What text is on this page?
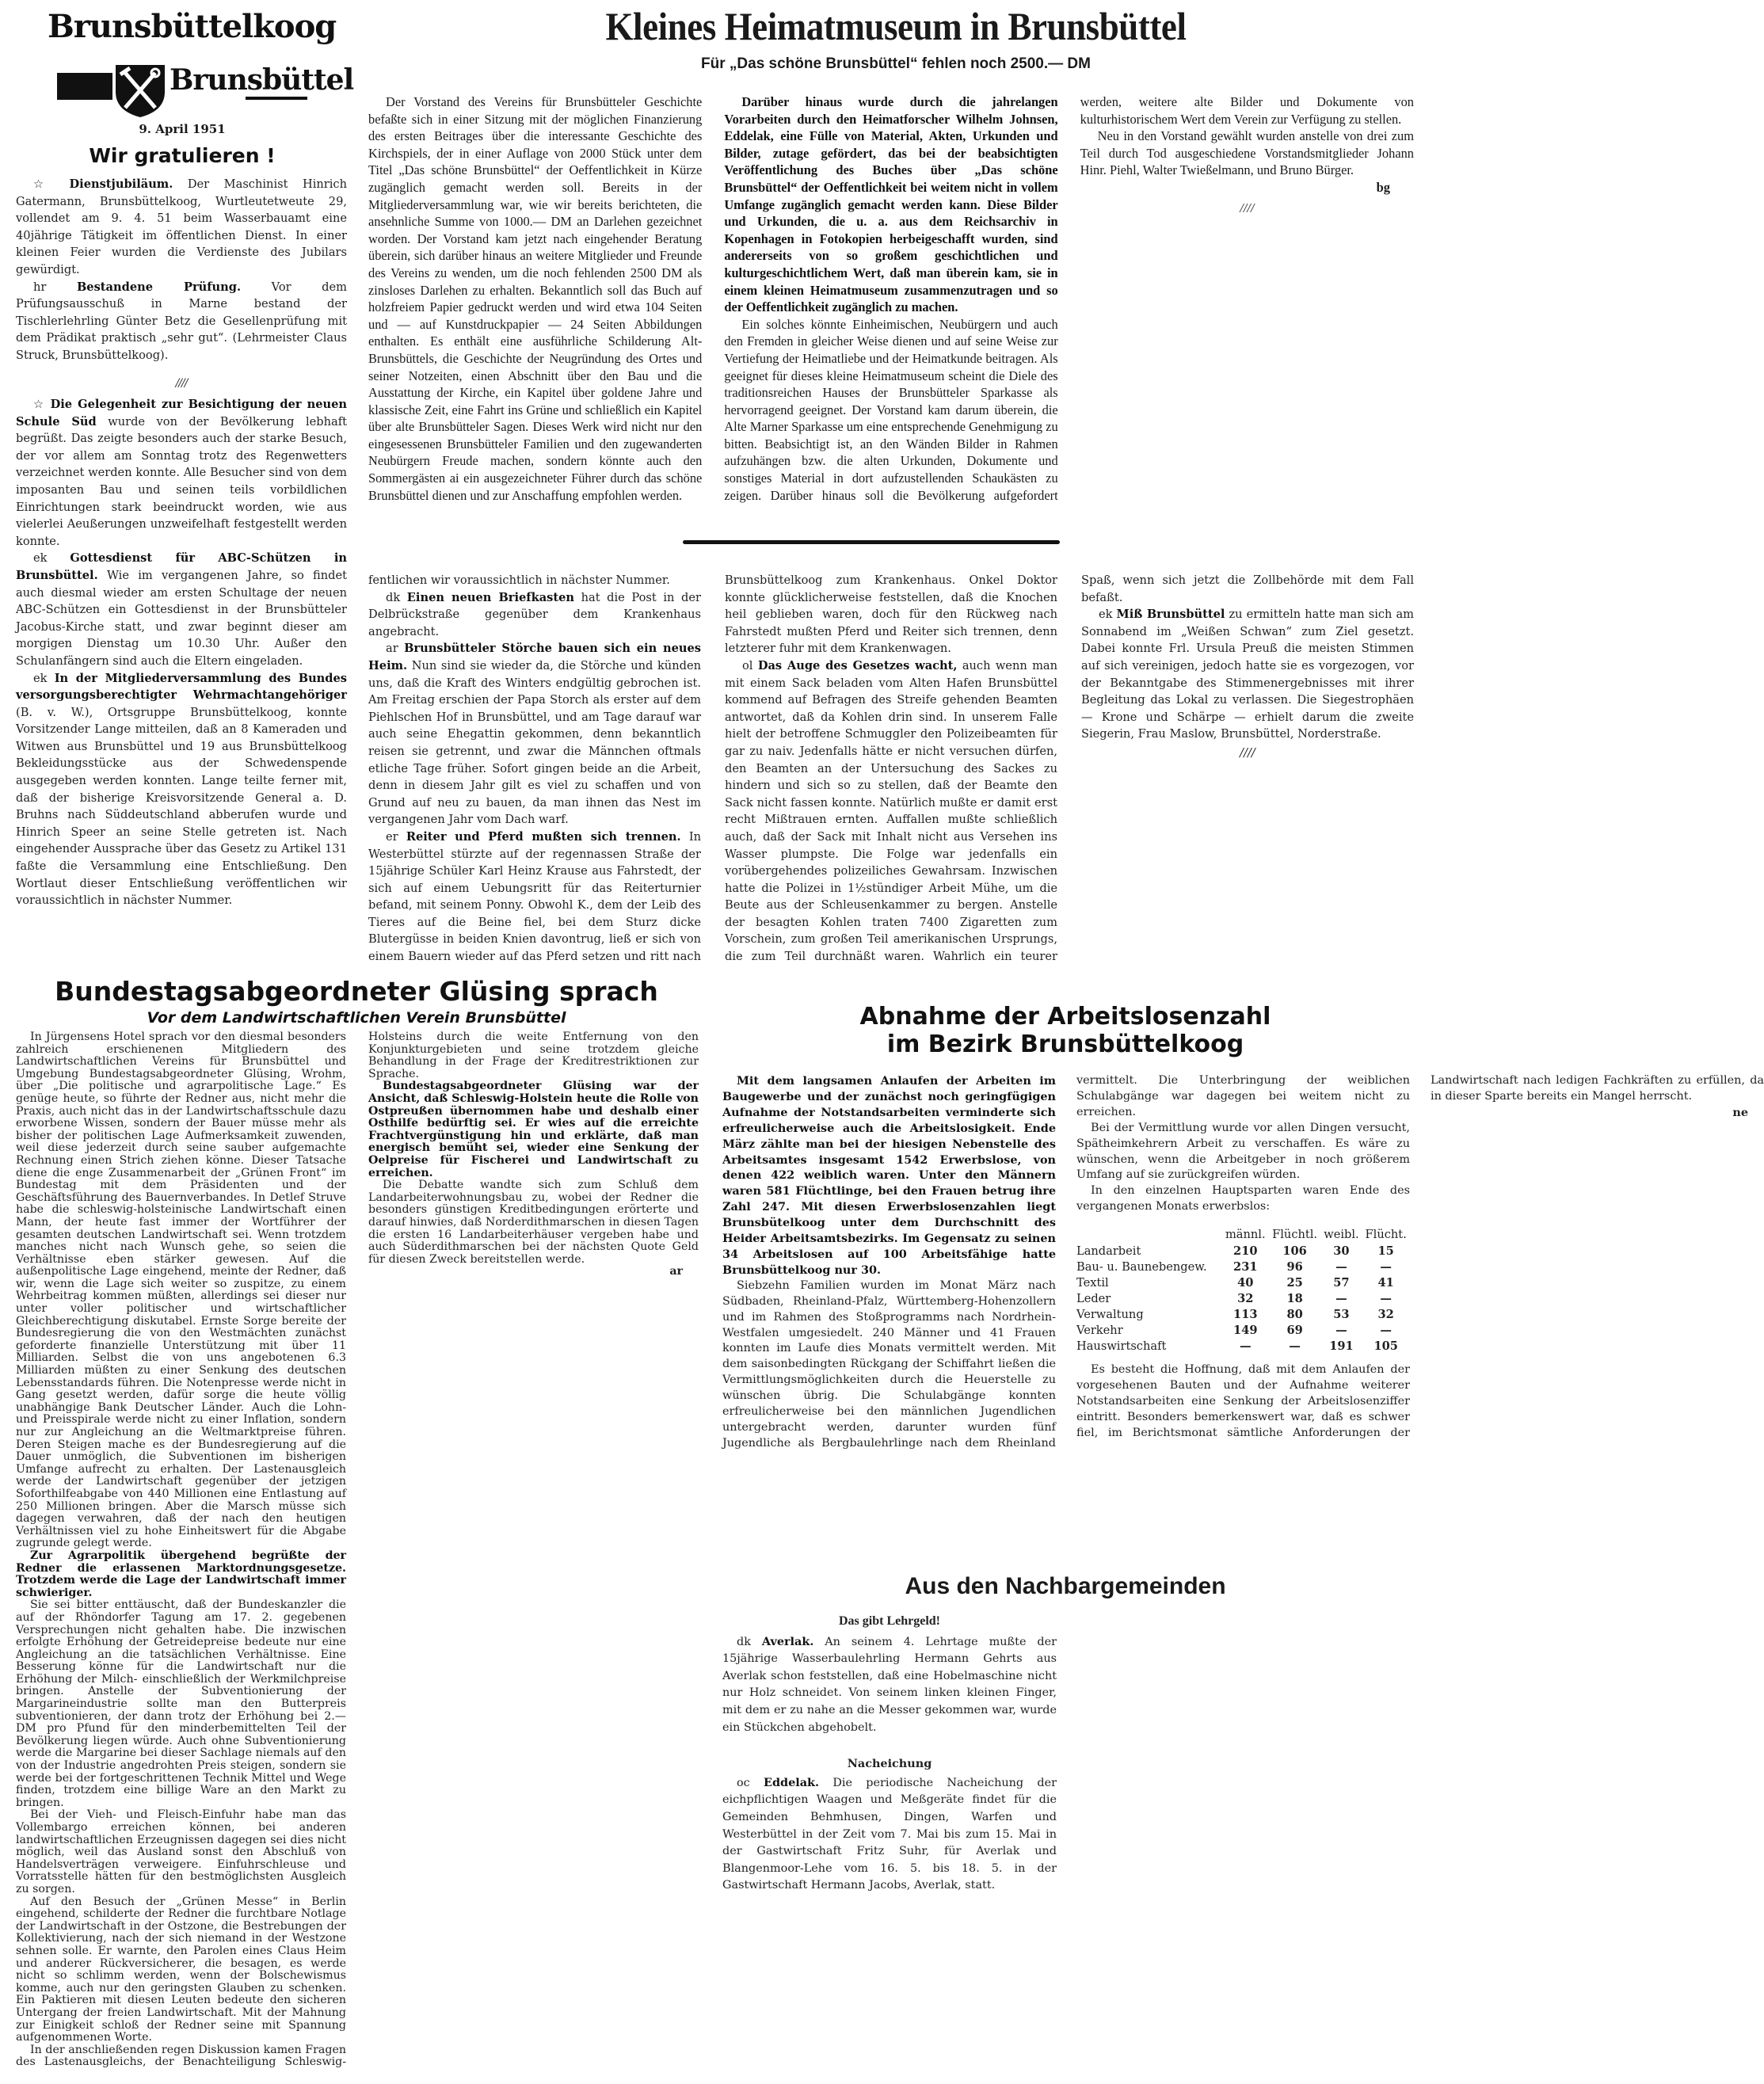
Brunsbüttelkoog
Brunsbüttel
9. April 1951
Wir gratulieren !

☆ Dienstjubiläum. Der Maschinist Hinrich Gatermann, Brunsbüttelkoog, Wurtleutetweute 29, vollendet am 9. 4. 51 beim Wasserbauamt eine 40jährige Tätigkeit im öffentlichen Dienst. In einer kleinen Feier wurden die Verdienste des Jubilars gewürdigt.

hr	Bestandene Prüfung. Vor dem Prüfungsausschuß in Marne bestand der Tischlerlehrling Günter Betz die Gesellenprüfung mit dem Prädikat praktisch „sehr gut“. (Lehrmeister Claus Struck, Brunsbüttelkoog).

////

☆ Die Gelegenheit zur Besichtigung der neuen Schule Süd wurde von der Bevölkerung lebhaft begrüßt. Das zeigte besonders auch der starke Besuch, der vor allem am Sonntag trotz des Regenwetters verzeichnet werden konnte. Alle Besucher sind von dem imposanten Bau und seinen teils vorbildlichen Einrichtungen stark beeindruckt worden, wie aus vielerlei Aeußerungen unzweifelhaft festgestellt werden konnte.

ek Gottesdienst für ABC-Schützen in Brunsbüttel. Wie im vergangenen Jahre, so findet auch diesmal wieder am ersten Schultage der neuen ABC-Schützen ein Gottesdienst in der Brunsbütteler Jacobus-Kirche statt, und zwar beginnt dieser am morgigen Dienstag um 10.30 Uhr. Außer den Schulanfängern sind auch die Eltern eingeladen.

ek In der Mitgliederversammlung des Bundes versorgungsberechtigter Wehrmachtangehöriger (B. v. W.), Ortsgruppe Brunsbüttelkoog, konnte Vorsitzender Lange mitteilen, daß an 8 Kameraden und Witwen aus Brunsbüttel und 19 aus Brunsbüttelkoog Bekleidungsstücke aus der Schwedenspende ausgegeben werden konnten. Lange teilte ferner mit, daß der bisherige Kreisvorsitzende General a. D. Bruhns nach Süddeutschland abberufen wurde und Hinrich Speer an seine Stelle getreten ist. Nach eingehender Aussprache über das Gesetz zu Artikel 131 faßte die Versammlung eine Entschließung. Den Wortlaut dieser Entschließung veröffentlichen wir voraussichtlich in nächster Nummer.

Kleines Heimatmuseum in Brunsbüttel
Für „Das schöne Brunsbüttel“ fehlen noch 2500.— DM

Der Vorstand des Vereins für Brunsbütteler Geschichte befaßte sich in einer Sitzung mit der möglichen Finanzierung des ersten Beitrages über die interessante Geschichte des Kirchspiels, der in einer Auflage von 2000 Stück unter dem Titel „Das schöne Brunsbüttel“ der Oeffentlichkeit in Kürze zugänglich gemacht werden soll. Bereits in der Mitgliederversammlung war, wie wir bereits berichteten, die ansehnliche Summe von 1000.— DM an Darlehen gezeichnet worden. Der Vorstand kam jetzt nach eingehender Beratung überein, sich darüber hinaus an weitere Mitglieder und Freunde des Vereins zu wenden, um die noch fehlenden 2500 DM als zinsloses Darlehen zu erhalten. Bekanntlich soll das Buch auf holzfreiem Papier gedruckt werden und wird etwa 104 Seiten und — auf Kunstdruckpapier — 24 Seiten Abbildungen enthalten. Es enthält eine ausführliche Schilderung Alt-Brunsbüttels, die Geschichte der Neugründung des Ortes und seiner Notzeiten, einen Abschnitt über den Bau und die Ausstattung der Kirche, ein Kapitel über goldene Jahre und klassische Zeit, eine Fahrt ins Grüne und schließlich ein Kapitel über alte Brunsbütteler Sagen. Dieses Werk wird nicht nur den eingesessenen Brunsbütteler Familien und den zugewanderten Neubürgern Freude machen, sondern könnte auch den Sommergästen ai ein ausgezeichneter Führer durch das schöne Brunsbüttel dienen und zur Anschaffung empfohlen werden.

Darüber hinaus wurde durch die jahrelangen Vorarbeiten durch den Heimatforscher Wilhelm Johnsen, Eddelak, eine Fülle von Material, Akten, Urkunden und Bilder, zutage gefördert, das bei der beabsichtigten Veröffentlichung des Buches über „Das schöne Brunsbüttel“ der Oeffentlichkeit bei weitem nicht in vollem Umfange zugänglich gemacht werden kann. Diese Bilder und Urkunden, die u. a. aus dem Reichsarchiv in Kopenhagen in Fotokopien herbeigeschafft wurden, sind andererseits von so großem geschichtlichen und kulturgeschichtlichem Wert, daß man überein kam, sie in einem kleinen Heimatmuseum zusammenzutragen und so der Oeffentlichkeit zugänglich zu machen.

Ein solches könnte Einheimischen, Neubürgern und auch den Fremden in gleicher Weise dienen und auf seine Weise zur Vertiefung der Heimatliebe und der Heimatkunde beitragen. Als geeignet für dieses kleine Heimatmuseum scheint die Diele des traditionsreichen Hauses der Brunsbütteler Sparkasse als hervorragend geeignet. Der Vorstand kam darum überein, die Alte Marner Sparkasse um eine entsprechende Genehmigung zu bitten. Beabsichtigt ist, an den Wänden Bilder in Rahmen aufzuhängen bzw. die alten Urkunden, Dokumente und sonstiges Material in dort aufzustellenden Schaukästen zu zeigen. Darüber hinaus soll die Bevölkerung aufgefordert werden, weitere alte Bilder und Dokumente von kulturhistorischem Wert dem Verein zur Verfügung zu stellen.

Neu in den Vorstand gewählt wurden anstelle von drei zum Teil durch Tod ausgeschiedene Vorstandsmitglieder Johann Hinr. Piehl, Walter Twießelmann, und Bruno Bürger.

bg

////

fentlichen wir voraussichtlich in nächster Nummer.

dk Einen neuen Briefkasten hat die Post in der Delbrückstraße gegenüber dem Krankenhaus angebracht.

ar Brunsbütteler Störche bauen sich ein neues Heim. Nun sind sie wieder da, die Störche und künden uns, daß die Kraft des Winters endgültig gebrochen ist. Am Freitag erschien der Papa Storch als erster auf dem Piehlschen Hof in Brunsbüttel, und am Tage darauf war auch seine Ehegattin gekommen, denn bekanntlich reisen sie getrennt, und zwar die Männchen oftmals etliche Tage früher. Sofort gingen beide an die Arbeit, denn in diesem Jahr gilt es viel zu schaffen und von Grund auf neu zu bauen, da man ihnen das Nest im vergangenen Jahr vom Dach warf.

er Reiter und Pferd mußten sich trennen. In Westerbüttel stürzte auf der regennassen Straße der 15jährige Schüler Karl Heinz Krause aus Fahrstedt, der sich auf einem Uebungsritt für das Reiterturnier befand, mit seinem Ponny. Obwohl K., dem der Leib des Tieres auf die Beine fiel, bei dem Sturz dicke Blutergüsse in beiden Knien davontrug, ließ er sich von einem Bauern wieder auf das Pferd setzen und ritt nach Brunsbüttelkoog zum Krankenhaus. Onkel Doktor konnte glücklicherweise feststellen, daß die Knochen heil geblieben waren, doch für den Rückweg nach Fahrstedt mußten Pferd und Reiter sich trennen, denn letzterer fuhr mit dem Krankenwagen.

ol Das Auge des Gesetzes wacht, auch wenn man mit einem Sack beladen vom Alten Hafen Brunsbüttel kommend auf Befragen des Streife gehenden Beamten antwortet, daß da Kohlen drin sind. In unserem Falle hielt der betroffene Schmuggler den Polizeibeamten für gar zu naiv. Jedenfalls hätte er nicht versuchen dürfen, den Beamten an der Untersuchung des Sackes zu hindern und sich so zu stellen, daß der Beamte den Sack nicht fassen konnte. Natürlich mußte er damit erst recht Mißtrauen ernten. Auffallen mußte schließlich auch, daß der Sack mit Inhalt nicht aus Versehen ins Wasser plumpste. Die Folge war jedenfalls ein vorübergehendes polizeiliches Gewahrsam. Inzwischen hatte die Polizei in 1½stündiger Arbeit Mühe, um die Beute aus der Schleusenkammer zu bergen. Anstelle der besagten Kohlen traten 7400 Zigaretten zum Vorschein, zum großen Teil amerikanischen Ursprungs, die zum Teil durchnäßt waren. Wahrlich ein teurer Spaß, wenn sich jetzt die Zollbehörde mit dem Fall befaßt.

ek Miß Brunsbüttel zu ermitteln hatte man sich am Sonnabend im „Weißen Schwan“ zum Ziel gesetzt. Dabei konnte Frl. Ursula Preuß die meisten Stimmen auf sich vereinigen, jedoch hatte sie es vorgezogen, vor der Bekanntgabe des Stimmenergebnisses mit ihrer Begleitung das Lokal zu verlassen. Die Siegestrophäen — Krone und Schärpe — erhielt darum die zweite Siegerin, Frau Maslow, Brunsbüttel, Norderstraße.

////

Bundestagsabgeordneter Glüsing sprach
Vor dem Landwirtschaftlichen Verein Brunsbüttel

In Jürgensens Hotel sprach vor den diesmal besonders zahlreich erschienenen Mitgliedern des Landwirtschaftlichen Vereins für Brunsbüttel und Umgebung Bundestagsabgeordneter Glüsing, Wrohm, über „Die politische und agrarpolitische Lage.“ Es genüge heute, so führte der Redner aus, nicht mehr die Praxis, auch nicht das in der Landwirtschaftsschule dazu erworbene Wissen, sondern der Bauer müsse mehr als bisher der politischen Lage Aufmerksamkeit zuwenden, weil diese jederzeit durch seine sauber aufgemachte Rechnung einen Strich ziehen könne. Dieser Tatsache diene die enge Zusammenarbeit der „Grünen Front“ im Bundestag mit dem Präsidenten und der Geschäftsführung des Bauernverbandes. In Detlef Struve habe die schleswig-holsteinische Landwirtschaft einen Mann, der heute fast immer der Wortführer der gesamten deutschen Landwirtschaft sei. Wenn trotzdem manches nicht nach Wunsch gehe, so seien die Verhältnisse eben stärker gewesen. Auf die außenpolitische Lage eingehend, meinte der Redner, daß wir, wenn die Lage sich weiter so zuspitze, zu einem Wehrbeitrag kommen müßten, allerdings sei dieser nur unter voller politischer und wirtschaftlicher Gleichberechtigung diskutabel. Ernste Sorge bereite der Bundesregierung die von den Westmächten zunächst geforderte finanzielle Unterstützung mit über 11 Milliarden. Selbst die von uns angebotenen 6.3 Milliarden müßten zu einer Senkung des deutschen Lebensstandards führen. Die Notenpresse werde nicht in Gang gesetzt werden, dafür sorge die heute völlig unabhängige Bank Deutscher Länder. Auch die Lohn- und Preisspirale werde nicht zu einer Inflation, sondern nur zur Angleichung an die Weltmarktpreise führen. Deren Steigen mache es der Bundesregierung auf die Dauer unmöglich, die Subventionen im bisherigen Umfange aufrecht zu erhalten. Der Lastenausgleich werde der Landwirtschaft gegenüber der jetzigen Soforthilfeabgabe von 440 Millionen eine Entlastung auf 250 Millionen bringen. Aber die Marsch müsse sich dagegen verwahren, daß der nach den heutigen Verhältnissen viel zu hohe Einheitswert für die Abgabe zugrunde gelegt werde.

Zur Agrarpolitik übergehend begrüßte der Redner die erlassenen Marktordnungsgesetze. Trotzdem werde die Lage der Landwirtschaft immer schwieriger.

Sie sei bitter enttäuscht, daß der Bundeskanzler die auf der Rhöndorfer Tagung am 17. 2. gegebenen Versprechungen nicht gehalten habe. Die inzwischen erfolgte Erhöhung der Getreidepreise bedeute nur eine Angleichung an die tatsächlichen Verhältnisse. Eine Besserung könne für die Landwirtschaft nur die Erhöhung der Milch- einschließlich der Werkmilchpreise bringen. Anstelle der Subventionierung der Margarineindustrie sollte man den Butterpreis subventionieren, der dann trotz der Erhöhung bei 2.— DM pro Pfund für den minderbemittelten Teil der Bevölkerung liegen würde. Auch ohne Subventionierung werde die Margarine bei dieser Sachlage niemals auf den von der Industrie angedrohten Preis steigen, sondern sie werde bei der fortgeschrittenen Technik Mittel und Wege finden, trotzdem eine billige Ware an den Markt zu bringen.

Bei der Vieh- und Fleisch-Einfuhr habe man das Vollembargo erreichen können, bei anderen landwirtschaftlichen Erzeugnissen dagegen sei dies nicht möglich, weil das Ausland sonst den Abschluß von Handelsverträgen verweigere. Einfuhrschleuse und Vorratsstelle hätten für den bestmöglichsten Ausgleich zu sorgen.

Auf den Besuch der „Grünen Messe“ in Berlin eingehend, schilderte der Redner die furchtbare Notlage der Landwirtschaft in der Ostzone, die Bestrebungen der Kollektivierung, nach der sich niemand in der Westzone sehnen solle. Er warnte, den Parolen eines Claus Heim und anderer Rückversicherer, die besagen, es werde nicht so schlimm werden, wenn der Bolschewismus komme, auch nur den geringsten Glauben zu schenken. Ein Paktieren mit diesen Leuten bedeute den sicheren Untergang der freien Landwirtschaft. Mit der Mahnung zur Einigkeit schloß der Redner seine mit Spannung aufgenommenen Worte.

In der anschließenden regen Diskussion kamen Fragen des Lastenausgleichs, der Benachteiligung Schleswig-Holsteins durch die weite Entfernung von den Konjunkturgebieten und seine trotzdem gleiche Behandlung in der Frage der Kreditrestriktionen zur Sprache.

Bundestagsabgeordneter Glüsing war der Ansicht, daß Schleswig-Holstein heute die Rolle von Ostpreußen übernommen habe und deshalb einer Osthilfe bedürftig sei. Er wies auf die erreichte Frachtvergünstigung hin und erklärte, daß man energisch bemüht sei, wieder eine Senkung der Oelpreise für Fischerei und Landwirtschaft zu erreichen.

Die Debatte wandte sich zum Schluß dem Landarbeiterwohnungsbau zu, wobei der Redner die besonders günstigen Kreditbedingungen erörterte und darauf hinwies, daß Norderdithmarschen in diesen Tagen die ersten 16 Landarbeiterhäuser vergeben habe und auch Süderdithmarschen bei der nächsten Quote Geld für diesen Zweck bereitstellen werde.

ar

Abnahme der Arbeitslosenzahl
im Bezirk Brunsbüttelkoog

Mit dem langsamen Anlaufen der Arbeiten im Baugewerbe und der zunächst noch geringfügigen Aufnahme der Notstandsarbeiten verminderte sich erfreulicherweise auch die Arbeitslosigkeit. Ende März zählte man bei der hiesigen Nebenstelle des Arbeitsamtes insgesamt 1542 Erwerbslose, von denen 422 weiblich waren. Unter den Männern waren 581 Flüchtlinge, bei den Frauen betrug ihre Zahl 247. Mit diesen Erwerbslosenzahlen liegt Brunsbütelkoog unter dem Durchschnitt des Heider Arbeitsamtsbezirks. Im Gegensatz zu seinen 34 Arbeitslosen auf 100 Arbeitsfähige hatte Brunsbüttelkoog nur 30.

Siebzehn Familien wurden im Monat März nach Südbaden, Rheinland-Pfalz, Württemberg-Hohenzollern und im Rahmen des Stoßprogramms nach Nordrhein-Westfalen umgesiedelt. 240 Männer und 41 Frauen konnten im Laufe dies Monats vermittelt werden. Mit dem saisonbedingten Rückgang der Schiffahrt ließen die Vermittlungsmöglichkeiten durch die Heuerstelle zu wünschen übrig. Die Schulabgänge konnten erfreulicherweise bei den männlichen Jugendlichen untergebracht werden, darunter wurden fünf Jugendliche als Bergbaulehrlinge nach dem Rheinland vermittelt. Die Unterbringung der weiblichen Schulabgänge war dagegen bei weitem nicht zu erreichen.

Bei der Vermittlung wurde vor allen Dingen versucht, Spätheimkehrern Arbeit zu verschaffen. Es wäre zu wünschen, wenn die Arbeitgeber in noch größerem Umfang auf sie zurückgreifen würden.

In den einzelnen Hauptsparten waren Ende des vergangenen Monats erwerbslos:

	männl.	Flüchtl.	weibl.	Flücht.
Landarbeit	210	106	30	15
Bau- u. Baunebengew.	231	96	—	—
Textil	40	25	57	41
Leder	32	18	—	—
Verwaltung	113	80	53	32
Verkehr	149	69	—	—
Hauswirtschaft	—	—	191	105

Es besteht die Hoffnung, daß mit dem Anlaufen der vorgesehenen Bauten und der Aufnahme weiterer Notstandsarbeiten eine Senkung der Arbeitslosenziffer eintritt. Besonders bemerkenswert war, daß es schwer fiel, im Berichtsmonat sämtliche Anforderungen der Landwirtschaft nach ledigen Fachkräften zu erfüllen, da in dieser Sparte bereits ein Mangel herrscht.

ne

Aus den Nachbargemeinden
Das gibt Lehrgeld!

dk Averlak. An seinem 4. Lehrtage mußte der 15jährige Wasserbaulehrling Hermann Gehrts aus Averlak schon feststellen, daß eine Hobelmaschine nicht nur Holz schneidet. Von seinem linken kleinen Finger, mit dem er zu nahe an die Messer gekommen war, wurde ein Stückchen abgehobelt.

Nacheichung

oc Eddelak. Die periodische Nacheichung der eichpflichtigen Waagen und Meßgeräte findet für die Gemeinden Behmhusen, Dingen, Warfen und Westerbüttel in der Zeit vom 7. Mai bis zum 15. Mai in der Gastwirtschaft Fritz Suhr, für Averlak und Blangenmoor-Lehe vom 16. 5. bis 18. 5. in der Gastwirtschaft Hermann Jacobs, Averlak, statt.
